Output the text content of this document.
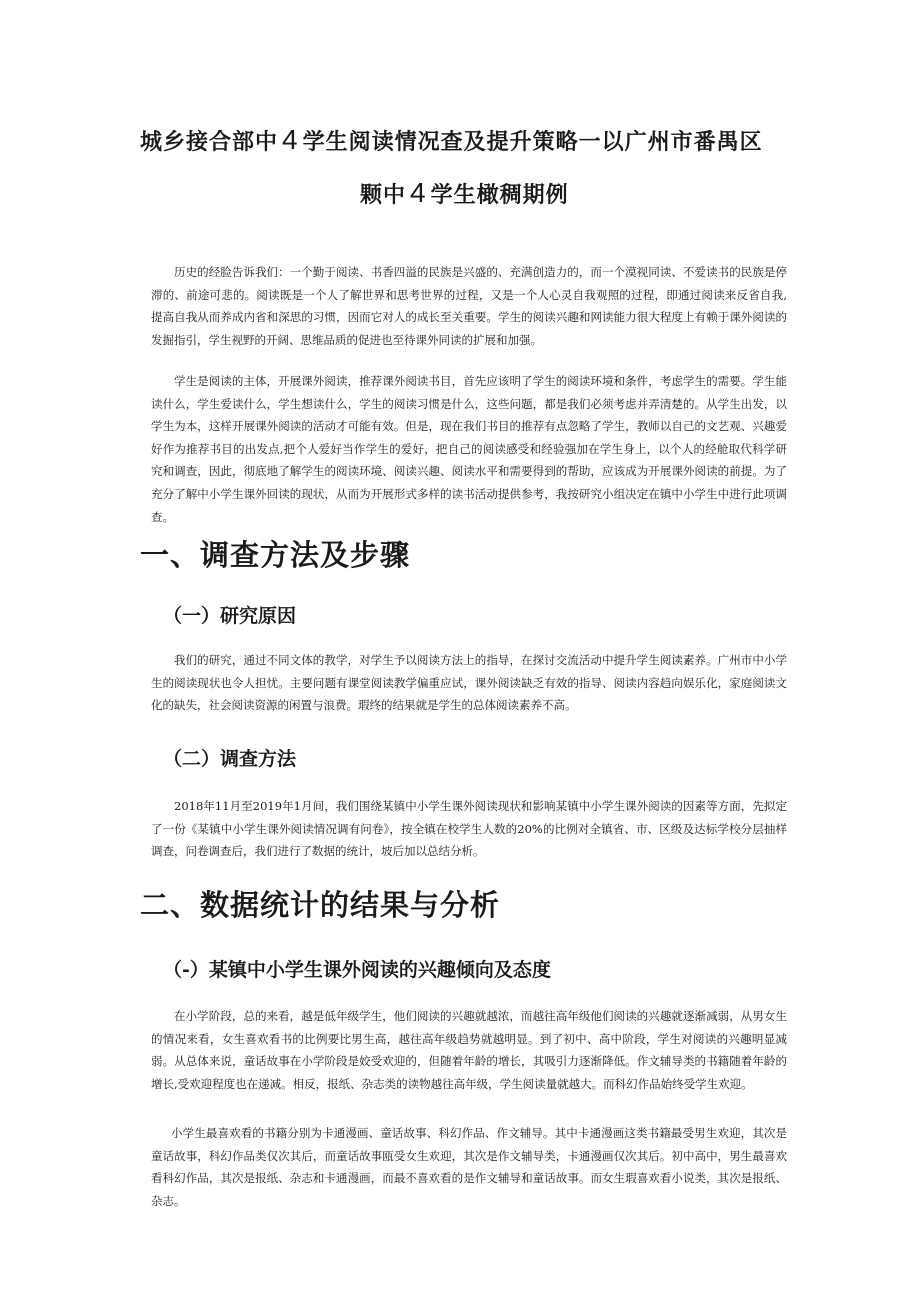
城乡接合部中 4 学生阅读情况查及提升策略一以广州市番禺区
颗中 4 学生橄稠期例

历史的经脸告诉我们：一个勤于阅读、书香四溢的民族是兴盛的、充满创造力的，而一个漠视同读、不爱读书的民族是停滞的、前途可悲的。阅读既是一个人了解世界和思考世界的过程，又是一个人心灵自我观照的过程，即通过阅读来反省自我,提高自我从而养成内省和深思的习惯，因而它对人的成长至关重要。学生的阅读兴趣和网读能力很大程度上有赖于课外阅读的发掘指引，学生视野的开阔、思维品质的促进也至待课外同读的扩展和加强。

学生是阅读的主体，开展课外阅读，推荐课外阅读书目，首先应该明了学生的阅读环境和条件，考虑学生的需要。学生能读什么，学生爱读什么，学生想读什么，学生的阅读习惯是什么，这些问题，都是我们必须考虑并弄清楚的。从学生出发，以学生为本，这样开展课外阅读的活动才可能有效。但是，现在我们书目的推荐有点忽略了学生，教师以自己的文艺观、兴趣爱好作为推荐书目的出发点,把个人爱好当作学生的爱好，把自己的阅读感受和经验强加在学生身上，以个人的经舱取代科学研究和调查，因此，彻底地了解学生的阅读环境、阅读兴趣、阅读水平和需要得到的帮助，应该成为开展课外阅读的前提。为了充分了解中小学生课外回读的现状，从而为开展形式多样的读书活动提供参考，我按研究小组决定在镇中小学生中进行此项调查。

一、调查方法及步骤
（一）研究原因

我们的研究，通过不同文体的教学，对学生予以阅读方法上的指导，在探讨交流活动中提升学生阅读素养。广州市中小学生的阅读现状也令人担忧。主要问题有课堂阅读教学偏重应试，课外阅读缺乏有效的指导、阅读内容趋向娱乐化，家庭阅读文化的缺失，社会阅读资源的闲置与浪费。瑕终的结果就是学生的总体阅读素养不高。

（二）调查方法

2018年11月至2019年1月间，我们围绕某镇中小学生课外阅读现状和影响某镇中小学生课外阅读的因素等方面，先拟定了一份《某镇中小学生课外阅读情况调有问卷》，按全镇在校学生人数的20%的比例对全镇省、市、区级及达标学校分层抽样调查，问卷调查后，我们进行了数据的统计，坡后加以总结分析。

二、数据统计的结果与分析
（-）某镇中小学生课外阅读的兴趣倾向及态度

在小学阶段，总的来看，越是低年级学生，他们阅读的兴趣就越浓，而越往高年级他们阅读的兴趣就逐渐减弱，从男女生的情况来看，女生喜欢看书的比例要比男生高，越往高年级趋势就越明显。到了初中、高中阶段，学生对阅读的兴趣明显减弱。从总体来说，童话故事在小学阶段是姣受欢迎的，但随着年龄的增长，其吸引力逐渐降低。作文辅导类的书籍随着年龄的增长,受欢迎程度也在递减。相反，报纸、杂志类的读物越往高年级，学生阅读量就越大。而科幻作品始终受学生欢迎。

小学生最喜欢看的书籍分别为卡通漫画、童话故事、科幻作品、作文辅导。其中卡通漫画这类书籍最受男生欢迎，其次是童话故事，科幻作品类仅次其后，而童话故事瓯受女生欢迎，其次是作文辅导类，卡通漫画仅次其后。初中高中，男生最喜欢看科幻作品，其次是报纸、杂志和卡通漫画，而最不喜欢看的是作文辅导和童话故事。而女生瑕喜欢看小说类，其次是报纸、杂志。
